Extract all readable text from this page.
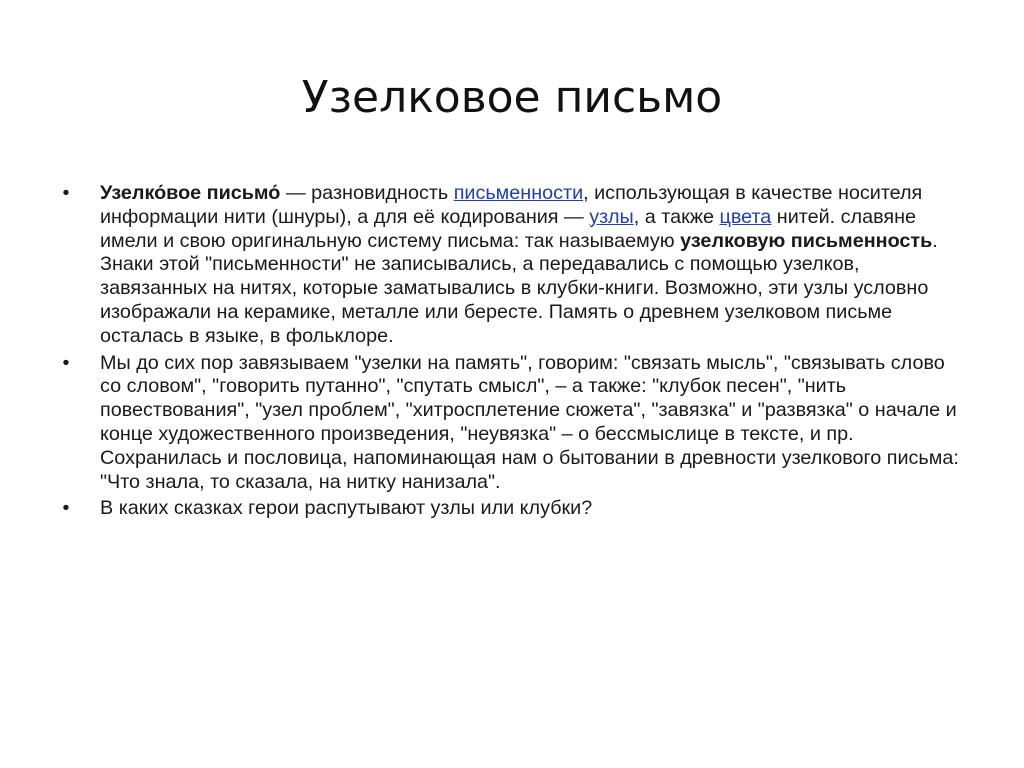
Узелковое письмо
• Узелко́вое письмо́ — разновидность письменности, использующая в качестве носителя информации нити (шнуры), а для её кодирования — узлы, а также цвета нитей. славяне имели и свою оригинальную систему письма: так называемую узелковую письменность. Знаки этой "письменности" не записывались, а передавались с помощью узелков, завязанных на нитях, которые заматывались в клубки-книги. Возможно, эти узлы условно изображали на керамике, металле или бересте. Память о древнем узелковом письме осталась в языке, в фольклоре.
• Мы до сих пор завязываем "узелки на память", говорим: "связать мысль", "связывать слово со словом", "говорить путанно", "спутать смысл", – а также: "клубок песен", "нить повествования", "узел проблем", "хитросплетение сюжета", "завязка" и "развязка" о начале и конце художественного произведения, "неувязка" – о бессмыслице в тексте, и пр. Сохранилась и пословица, напоминающая нам о бытовании в древности узелкового письма: "Что знала, то сказала, на нитку нанизала".
• В каких сказках герои распутывают узлы или клубки?
